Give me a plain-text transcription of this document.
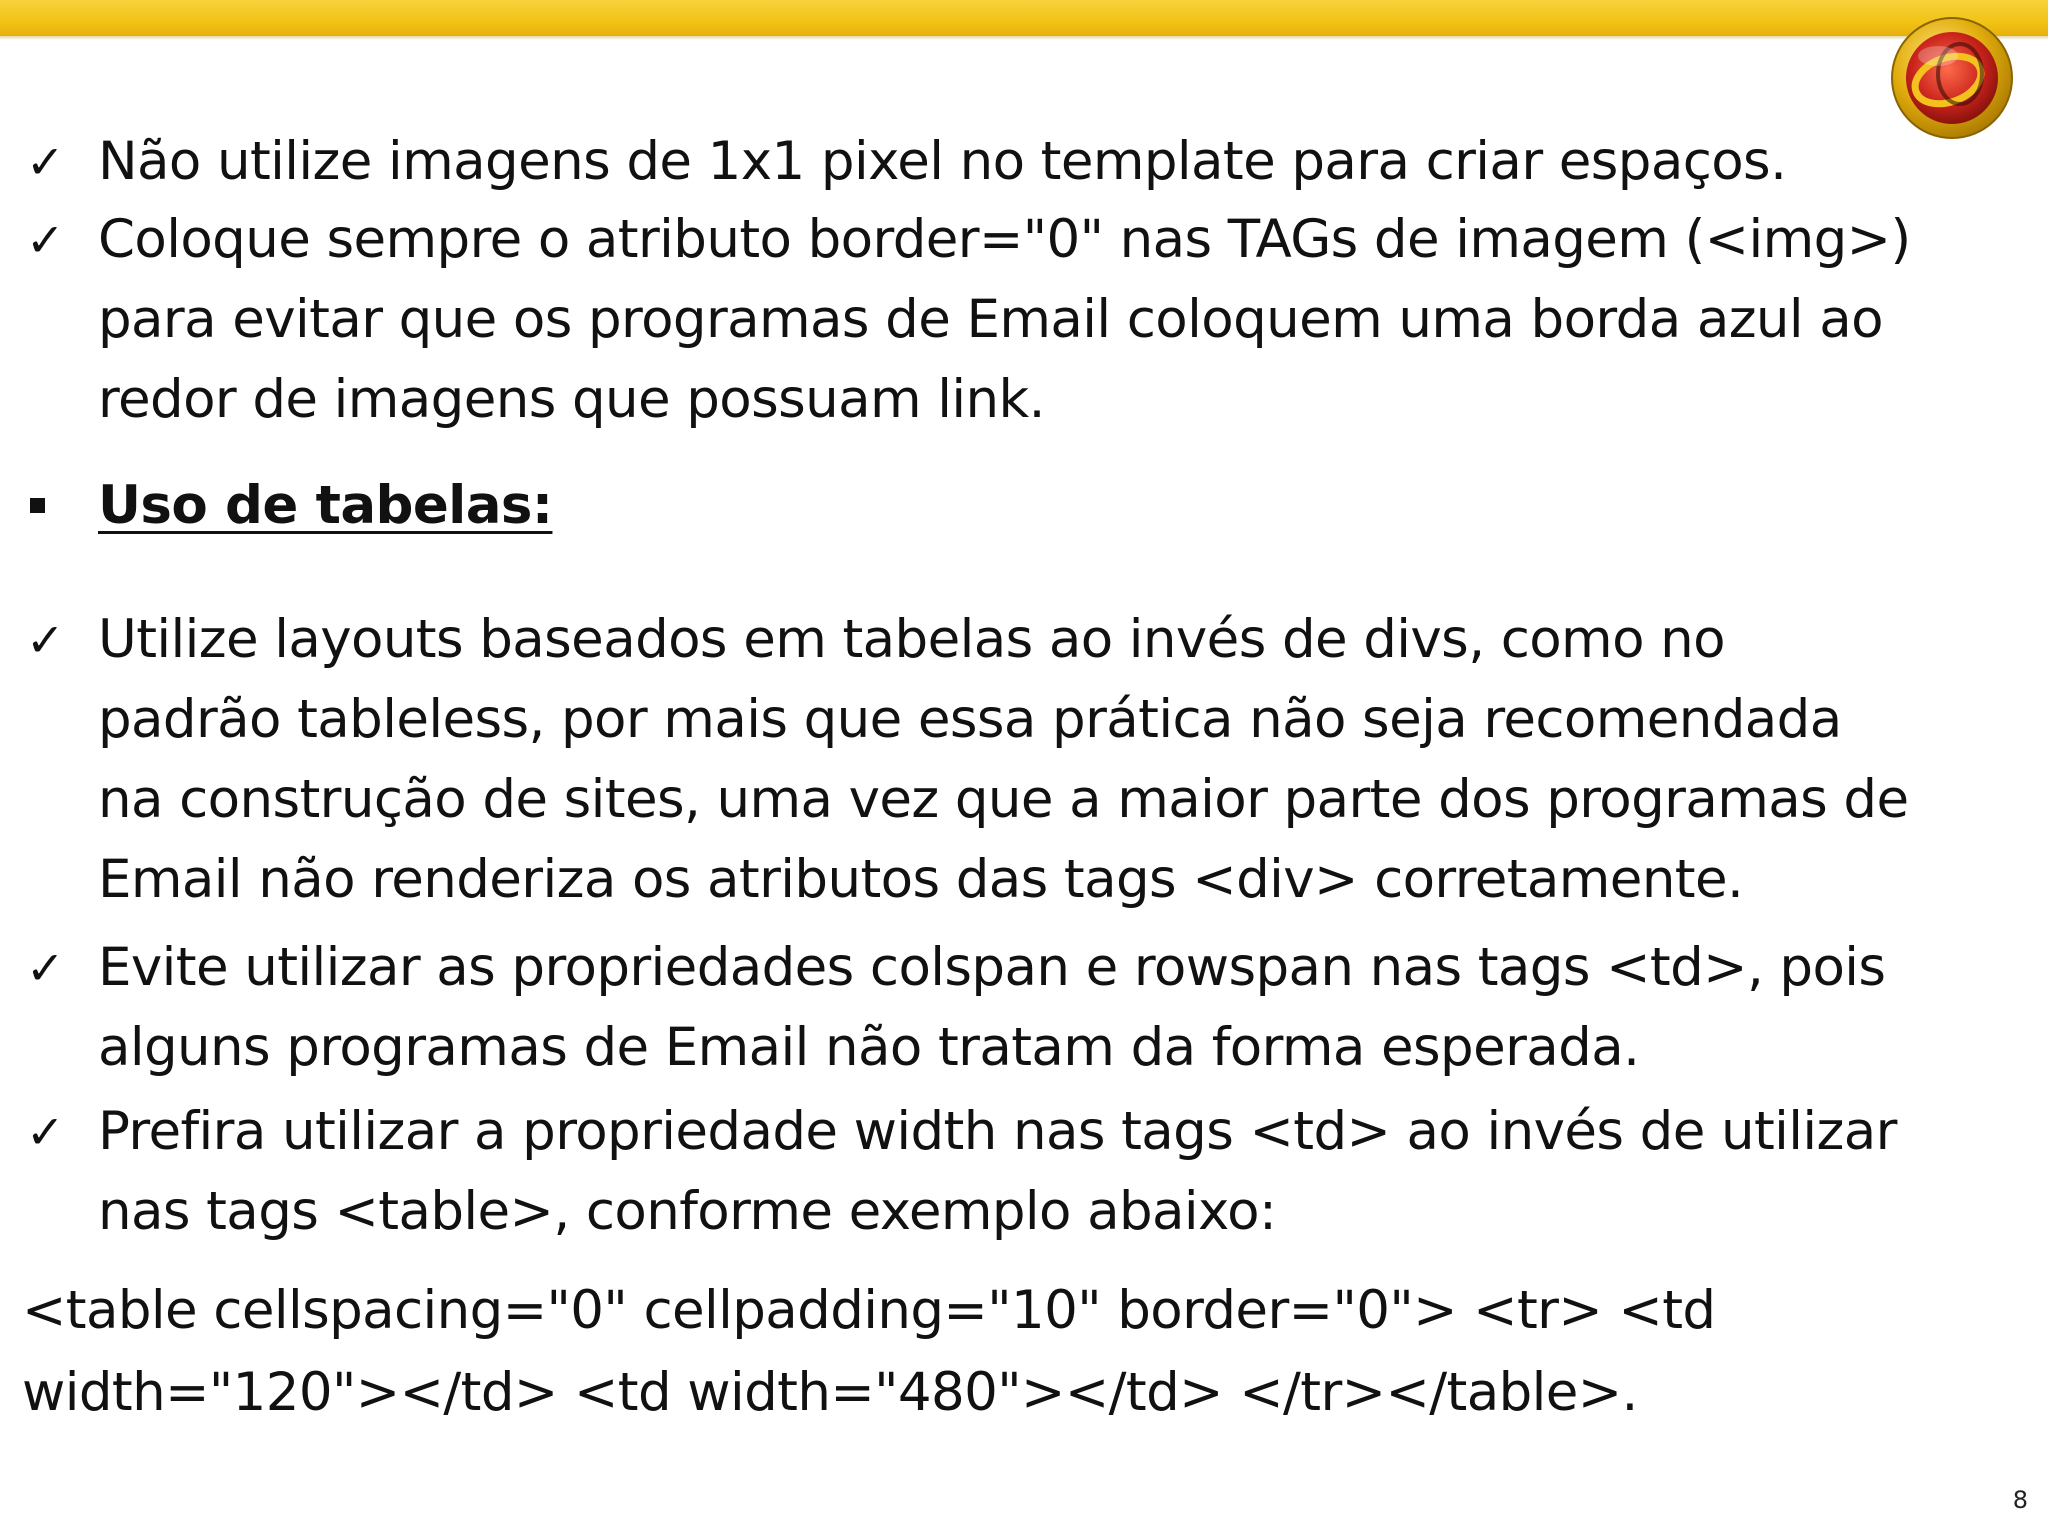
✓ Não utilize imagens de 1x1 pixel no template para criar espaços.
✓ Coloque sempre o atributo border="0" nas TAGs de imagem (<img>)
para evitar que os programas de Email coloquem uma borda azul ao
redor de imagens que possuam link.
Uso de tabelas:
✓ Utilize layouts baseados em tabelas ao invés de divs, como no
padrão tableless, por mais que essa prática não seja recomendada
na construção de sites, uma vez que a maior parte dos programas de
Email não renderiza os atributos das tags <div> corretamente.
✓ Evite utilizar as propriedades colspan e rowspan nas tags <td>, pois
alguns programas de Email não tratam da forma esperada.
✓ Prefira utilizar a propriedade width nas tags <td> ao invés de utilizar
nas tags <table>, conforme exemplo abaixo:
<table cellspacing="0" cellpadding="10" border="0"> <tr> <td
width="120"></td> <td width="480"></td> </tr></table>.
8
